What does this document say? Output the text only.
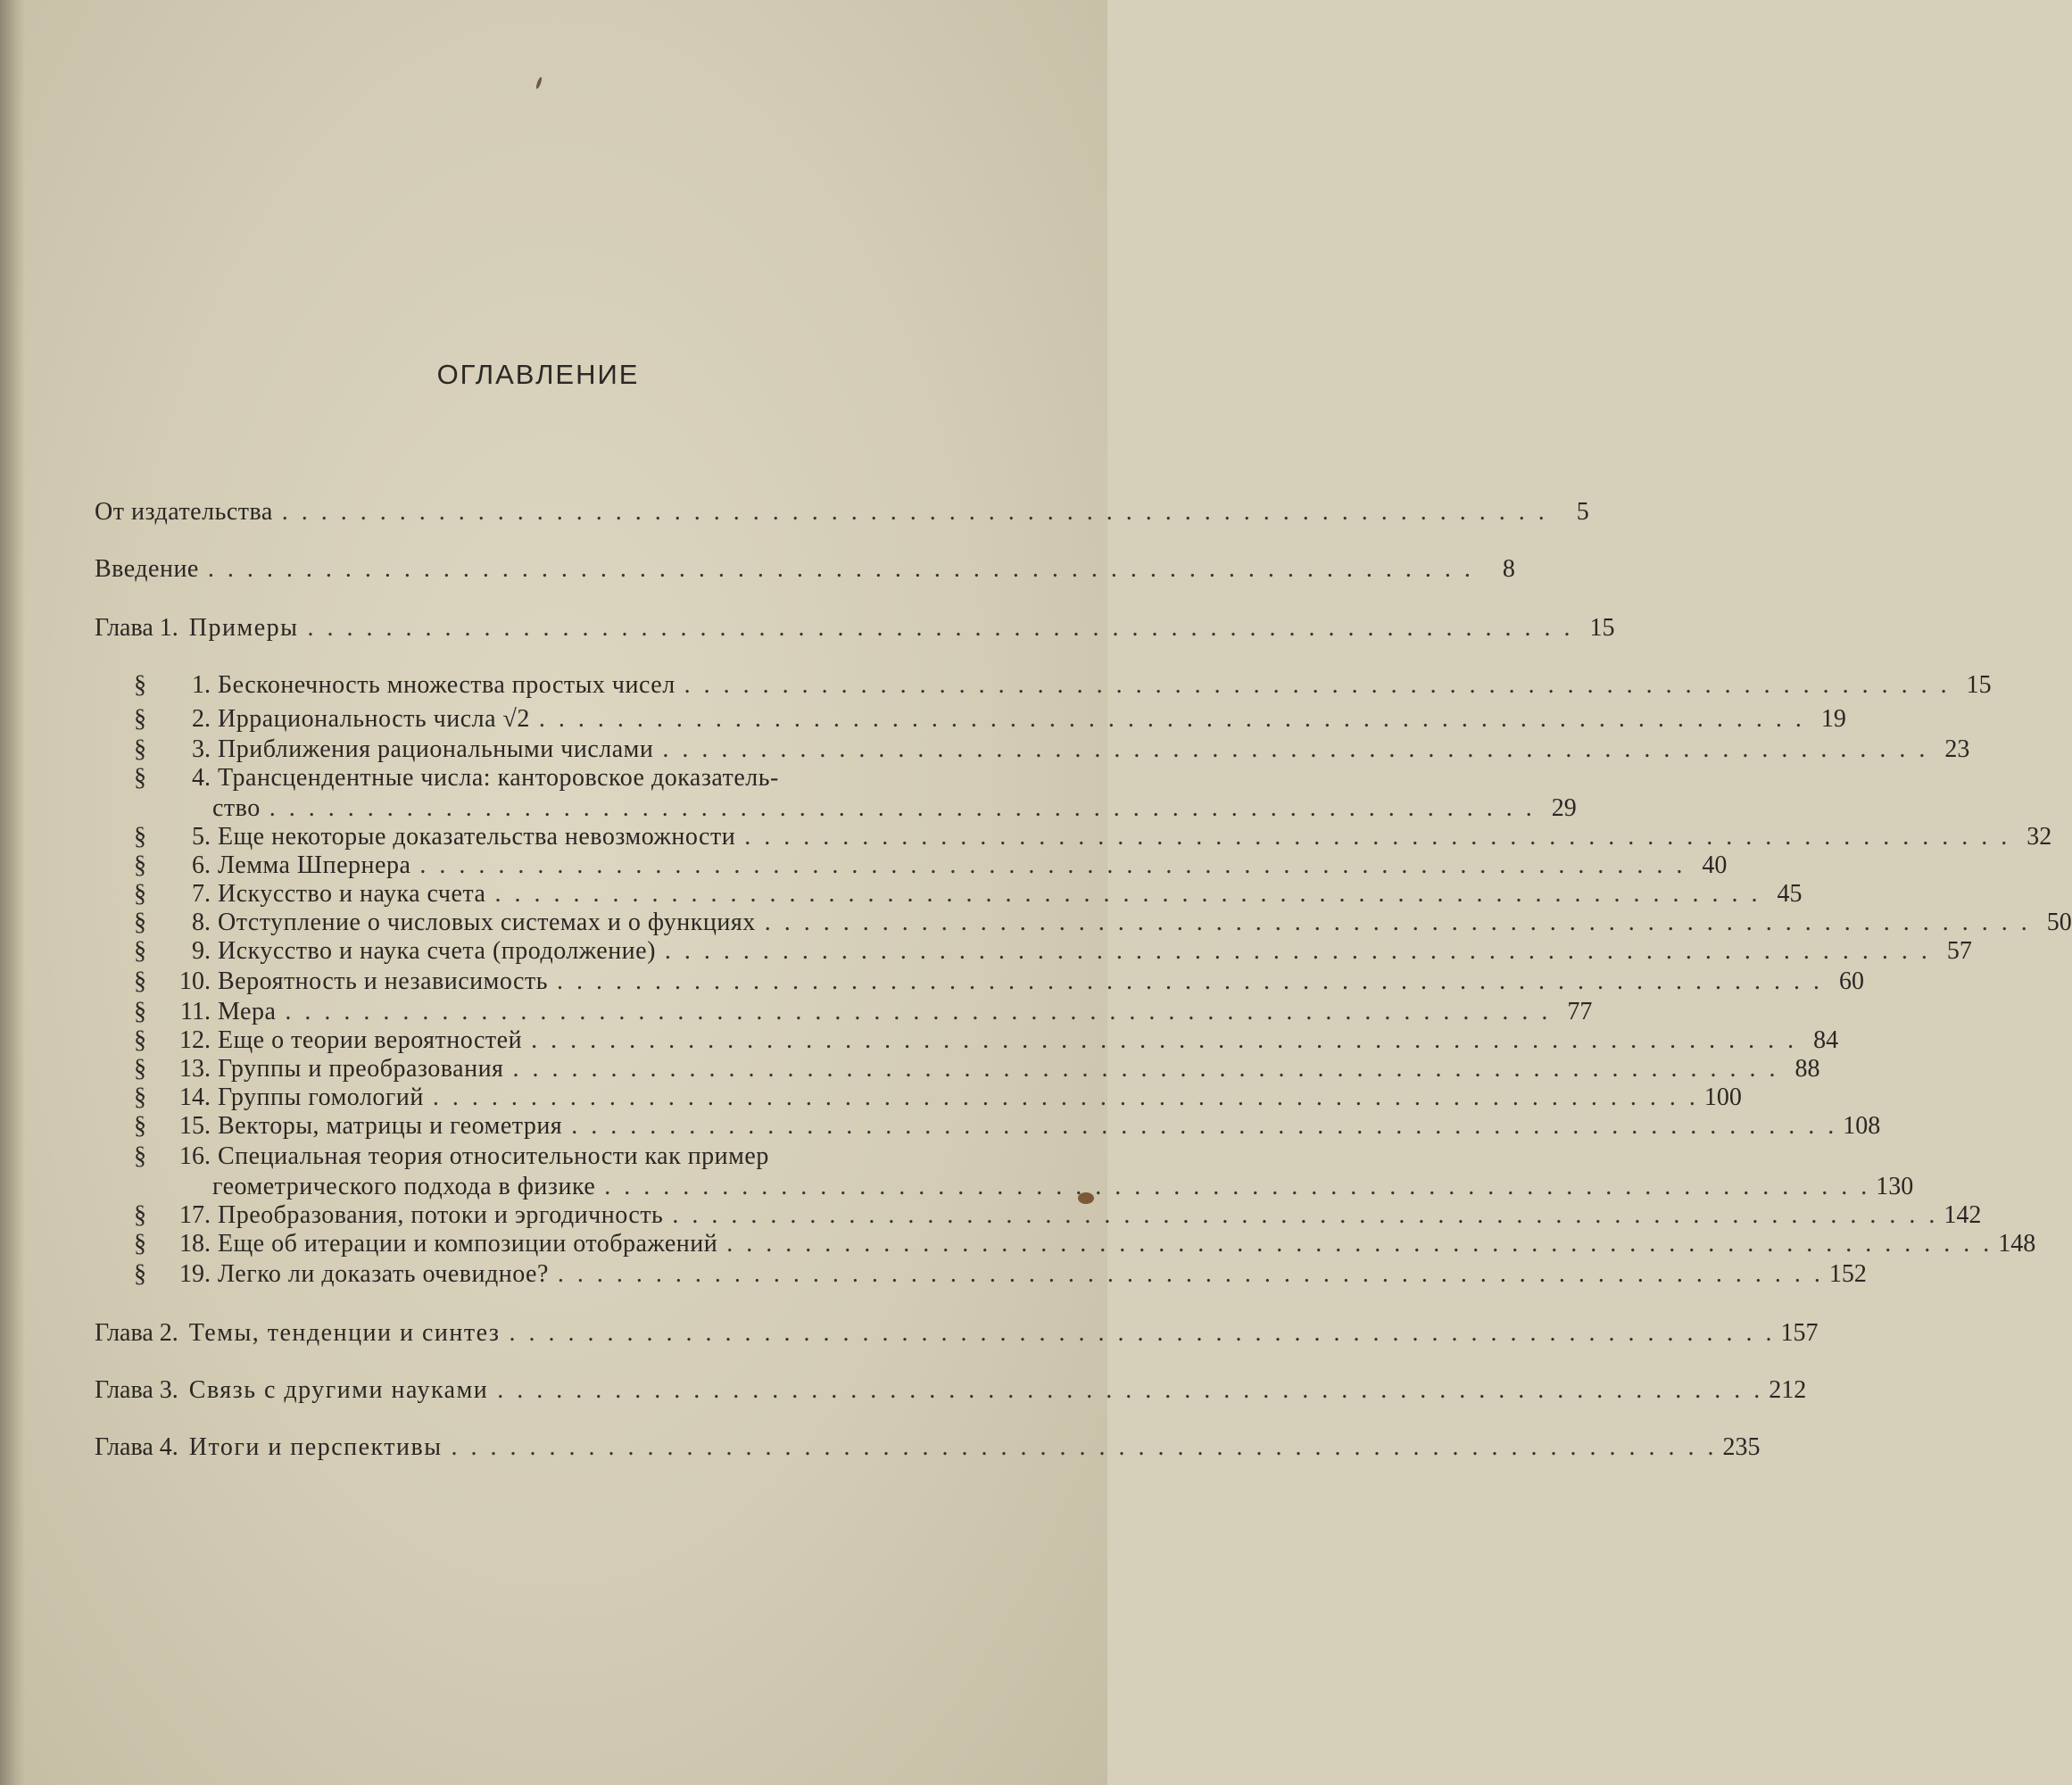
ОГЛАВЛЕНИЕ
От издательства . . .	5
Введение . . .	8
Глава 1. Примеры . . .	15
§	1. Бесконечность множества простых чисел . . .	15
§	2. Иррациональность числа √2 . . .	19
§	3. Приближения рациональными числами . . .	23
§	4. Трансцендентные числа: канторовское доказатель-
ство . . .	29
§	5. Еще некоторые доказательства невозможности . . .	32
§	6. Лемма Шпернера . . .	40
§	7. Искусство и наука счета . . .	45
§	8. Отступление о числовых системах и о функциях . . .	50
§	9. Искусство и наука счета (продолжение) . . .	57
§	10. Вероятность и независимость . . .	60
§	11. Мера . . .	77
§	12. Еще о теории вероятностей . . .	84
§	13. Группы и преобразования . . .	88
§	14. Группы гомологий . . .	100
§	15. Векторы, матрицы и геометрия . . .	108
§	16. Специальная теория относительности как пример
геометрического подхода в физике . . .	130
§	17. Преобразования, потоки и эргодичность . . .	142
§	18. Еще об итерации и композиции отображений . . .	148
§	19. Легко ли доказать очевидное? . . .	152
Глава 2. Темы, тенденции и синтез . . .	157
Глава 3. Связь с другими науками . . .	212
Глава 4. Итоги и перспективы . . .	235
